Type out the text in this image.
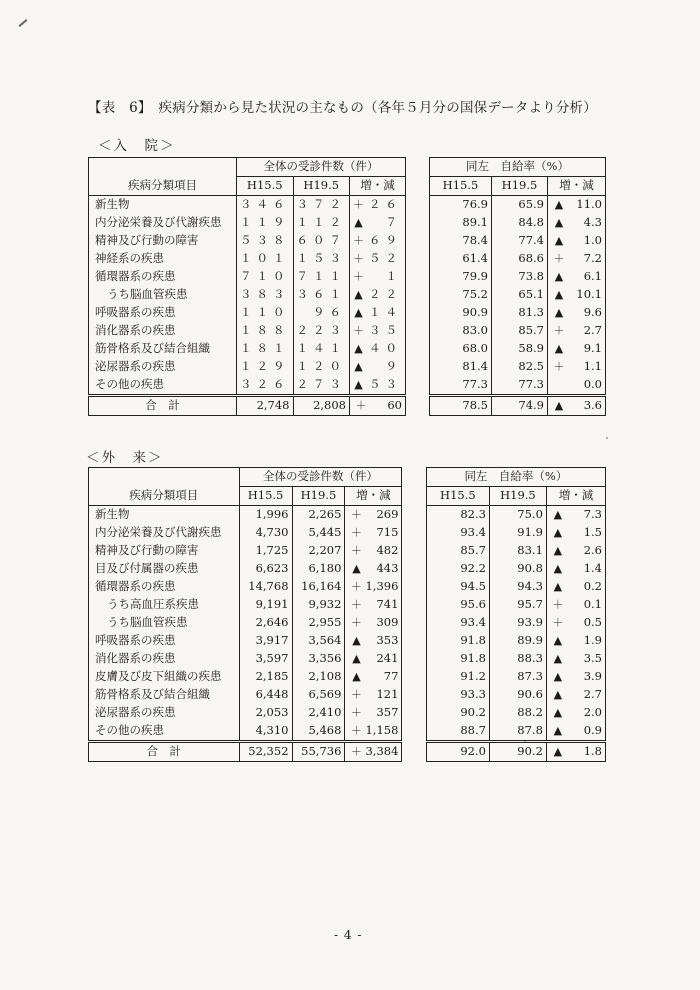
【表　6】　疾病分類から見た状況の主なもの（各年５月分の国保データより分析）
＜入　院＞
	全体の受診件数（件）				同左　自給率（%）		
疾病分類項目	H15.5	H19.5	増・減		H15.5	H19.5	増・減
新生物	３４６	３７２	＋ ２６		76.9	65.9	▲ 11.0

内分泌栄養及び代謝疾患	１１９	１１２	▲ ７		89.1	84.8	▲ 4.3

精神及び行動の障害	５３８	６０７	＋ ６９		78.4	77.4	▲ 1.0

神経系の疾患	１０１	１５３	＋ ５２		61.4	68.6	＋ 7.2

循環器系の疾患	７１０	７１１	＋ １		79.9	73.8	▲ 6.1

うち脳血管疾患	３８３	３６１	▲ ２２		75.2	65.1	▲ 10.1

呼吸器系の疾患	１１０	９６	▲ １４		90.9	81.3	▲ 9.6

消化器系の疾患	１８８	２２３	＋ ３５		83.0	85.7	＋ 2.7

筋骨格系及び結合組織	１８１	１４１	▲ ４０		68.0	58.9	▲ 9.1

泌尿器系の疾患	１２９	１２０	▲ ９		81.4	82.5	＋ 1.1

その他の疾患	３２６	２７３	▲ ５３		77.3	77.3	0.0

合　計	2,748	2,808	＋ 60		78.5	74.9	▲ 3.6
＜外　来＞
	全体の受診件数（件）				同左　自給率（%）		
疾病分類項目	H15.5	H19.5	増・減		H15.5	H19.5	増・減
新生物	1,996	2,265	＋ 269		82.3	75.0	▲ 7.3

内分泌栄養及び代謝疾患	4,730	5,445	＋ 715		93.4	91.9	▲ 1.5

精神及び行動の障害	1,725	2,207	＋ 482		85.7	83.1	▲ 2.6

目及び付属器の疾患	6,623	6,180	▲ 443		92.2	90.8	▲ 1.4

循環器系の疾患	14,768	16,164	＋ 1,396		94.5	94.3	▲ 0.2

うち高血圧系疾患	9,191	9,932	＋ 741		95.6	95.7	＋ 0.1

うち脳血管疾患	2,646	2,955	＋ 309		93.4	93.9	＋ 0.5

呼吸器系の疾患	3,917	3,564	▲ 353		91.8	89.9	▲ 1.9

消化器系の疾患	3,597	3,356	▲ 241		91.8	88.3	▲ 3.5

皮膚及び皮下組織の疾患	2,185	2,108	▲ 77		91.2	87.3	▲ 3.9

筋骨格系及び結合組織	6,448	6,569	＋ 121		93.3	90.6	▲ 2.7

泌尿器系の疾患	2,053	2,410	＋ 357		90.2	88.2	▲ 2.0

その他の疾患	4,310	5,468	＋ 1,158		88.7	87.8	▲ 0.9

合　計	52,352	55,736	＋ 3,384		92.0	90.2	▲ 1.8
- 4 -
